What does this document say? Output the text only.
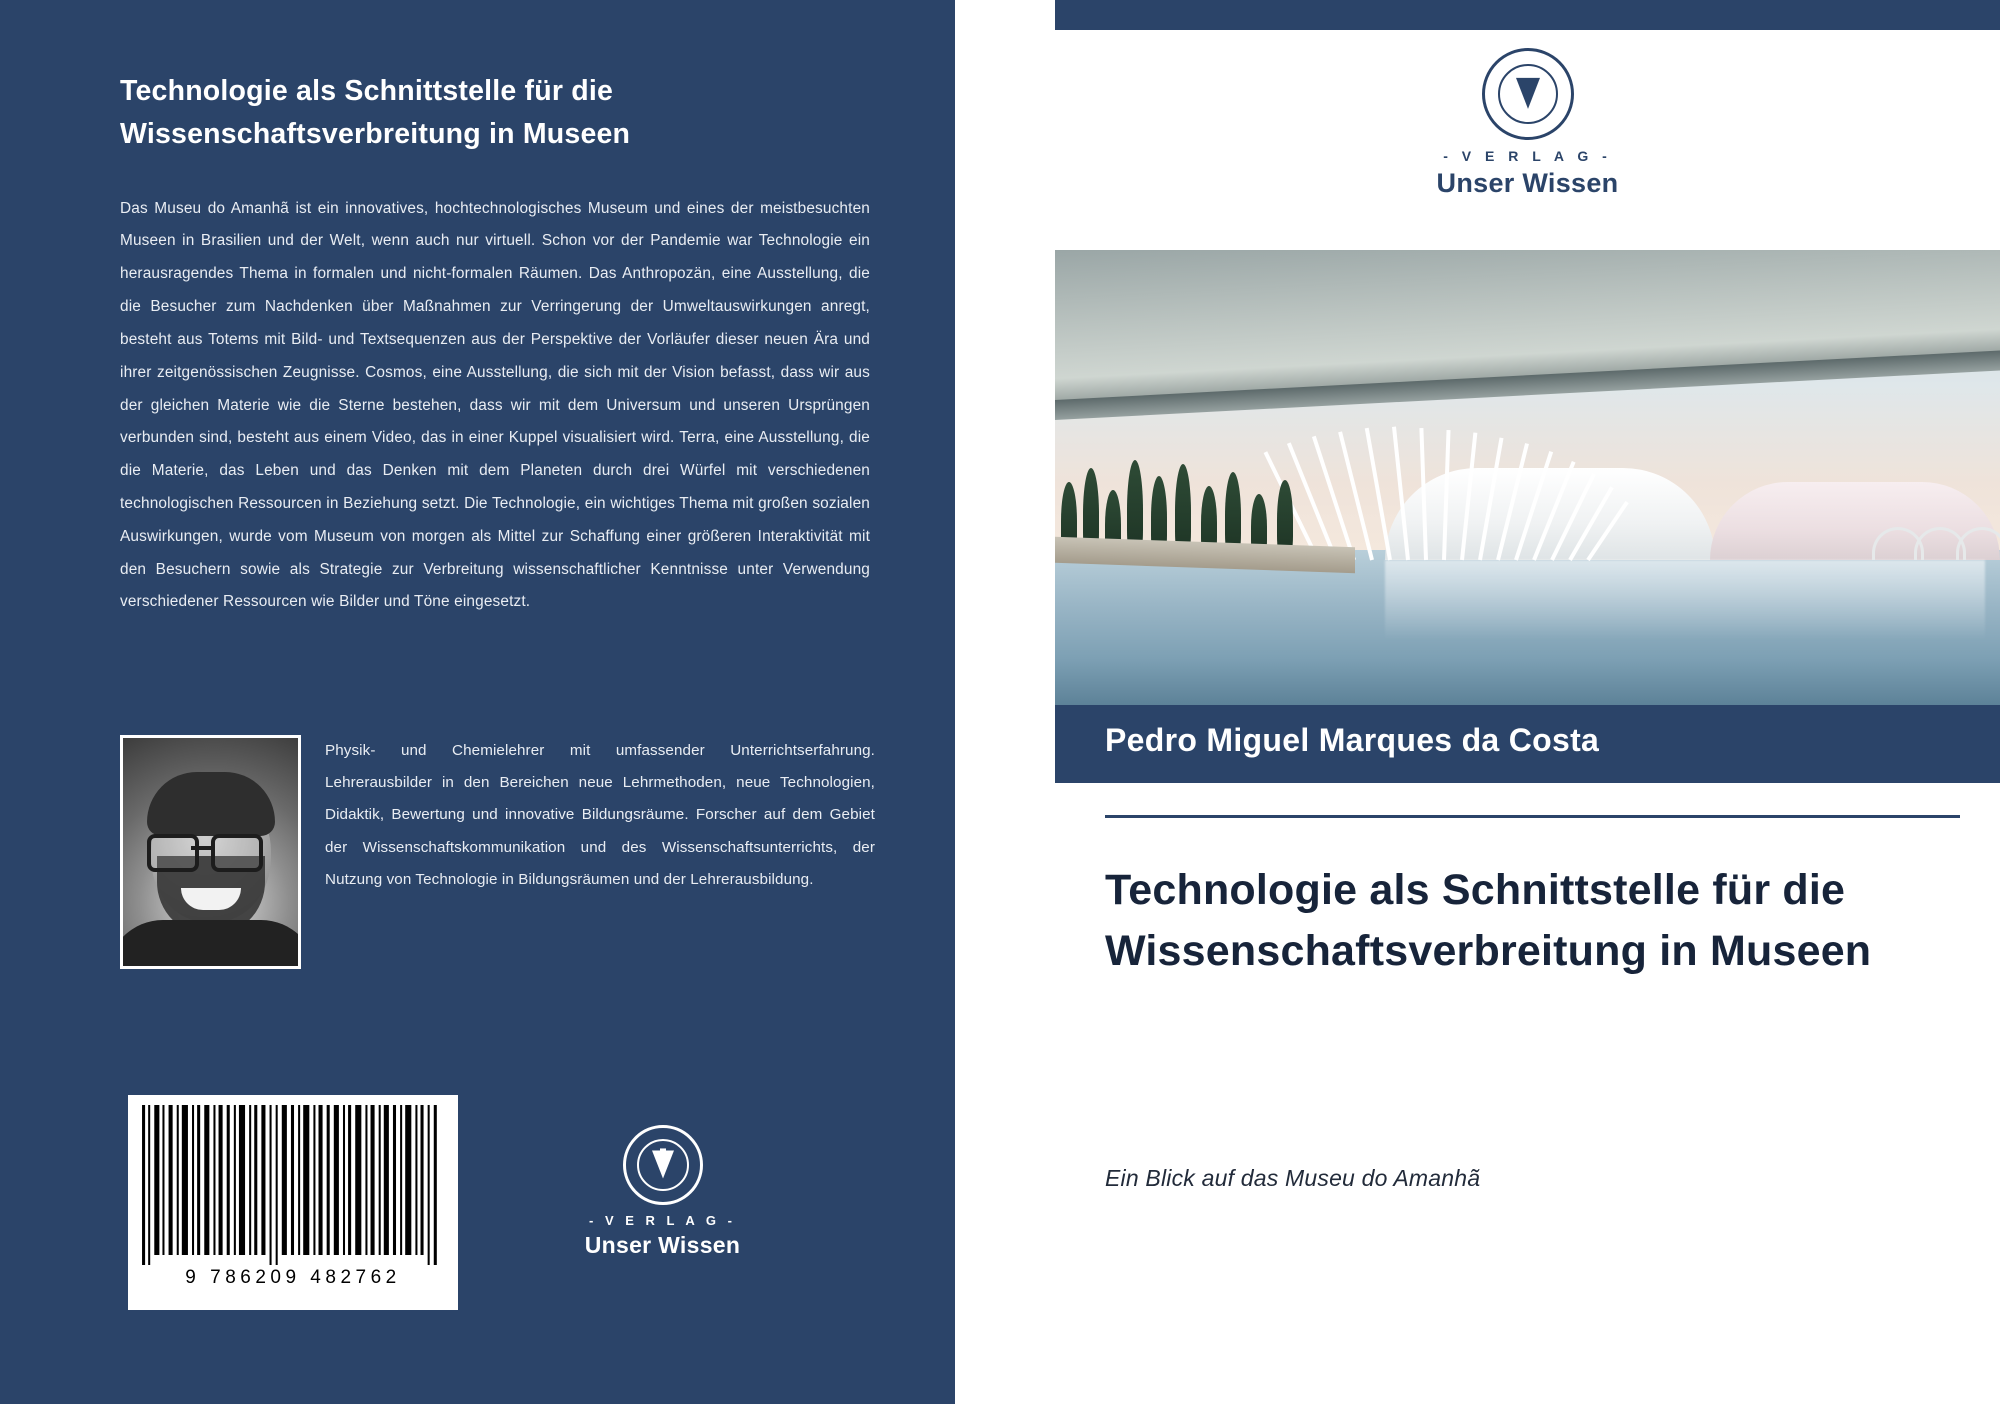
Technologie als Schnittstelle für die Wissenschaftsverbreitung in Museen

Das Museu do Amanhã ist ein innovatives, hochtechnologisches Museum und eines der meistbesuchten Museen in Brasilien und der Welt, wenn auch nur virtuell. Schon vor der Pandemie war Technologie ein herausragendes Thema in formalen und nicht-formalen Räumen. Das Anthropozän, eine Ausstellung, die die Besucher zum Nachdenken über Maßnahmen zur Verringerung der Umweltauswirkungen anregt, besteht aus Totems mit Bild- und Textsequenzen aus der Perspektive der Vorläufer dieser neuen Ära und ihrer zeitgenössischen Zeugnisse. Cosmos, eine Ausstellung, die sich mit der Vision befasst, dass wir aus der gleichen Materie wie die Sterne bestehen, dass wir mit dem Universum und unseren Ursprüngen verbunden sind, besteht aus einem Video, das in einer Kuppel visualisiert wird. Terra, eine Ausstellung, die die Materie, das Leben und das Denken mit dem Planeten durch drei Würfel mit verschiedenen technologischen Ressourcen in Beziehung setzt. Die Technologie, ein wichtiges Thema mit großen sozialen Auswirkungen, wurde vom Museum von morgen als Mittel zur Schaffung einer größeren Interaktivität mit den Besuchern sowie als Strategie zur Verbreitung wissenschaftlicher Kenntnisse unter Verwendung verschiedener Ressourcen wie Bilder und Töne eingesetzt.

Physik- und Chemielehrer mit umfassender Unterrichtserfahrung. Lehrerausbilder in den Bereichen neue Lehrmethoden, neue Technologien, Didaktik, Bewertung und innovative Bildungsräume. Forscher auf dem Gebiet der Wissenschaftskommunikation und des Wissenschaftsunterrichts, der Nutzung von Technologie in Bildungsräumen und der Lehrerausbildung.
9 786209 482762
- V E R L A G -
Unser Wissen
- V E R L A G -
Unser Wissen
Pedro Miguel Marques da Costa
Technologie als Schnittstelle für die Wissenschaftsverbreitung in Museen
Ein Blick auf das Museu do Amanhã
